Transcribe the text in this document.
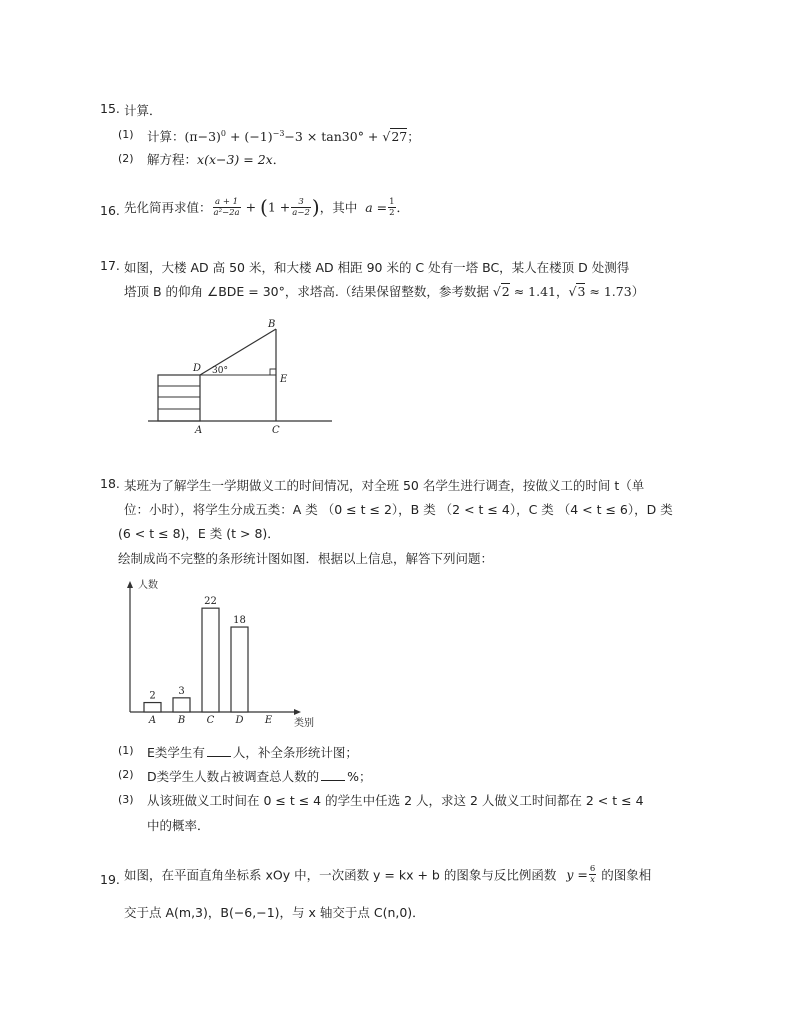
15. 计算．
(1) 计算：$(\pi-3)^0 + (-1)^{-3}-3 \times \tan 30^\circ + √27$；
(2) 解方程：x(x−3) = 2x．
16. 先化简再求值： $\frac{a + 1}{\text{a²−2a}} + (1 + \frac{3}{a-2}$ )，其中 $a = \frac{1}{2}$ ．
17. 如图，大楼 AD 高 50 米，和大楼 AD 相距 90 米的 C 处有一塔 BC，某人在楼顶 D 处测得
塔顶 B 的仰角 ∠BDE = 30°，求塔高.（结果保留整数，参考数据 √2 ≈ 1.41，√3 ≈ 1.73）
B
D 30°
E
A	C
18. 某班为了解学生一学期做义工的时间情况，对全班 50 名学生进行调查，按做义工的时间 t（单
位：小时），将学生分成五类：A 类 （0 ≤ t ≤ 2），B 类 （2 < t ≤ 4），C 类 （4 < t ≤ 6），D 类
(6 < t ≤ 8)，E 类 (t > 8)．
绘制成尚不完整的条形统计图如图．根据以上信息，解答下列问题：
人数
类别
2
A
3
B
22
C
18
D E
(1) E类学生有 人，补全条形统计图；
(2) D类学生人数占被调查总人数的 %；
(3) 从该班做义工时间在 0 ≤ t ≤ 4 的学生中任选 2 人，求这 2 人做义工时间都在 2 < t ≤ 4
中的概率．
19. 如图，在平面直角坐标系 xOy 中，一次函数 y = kx + b 的图象与反比例函数 $y = \frac{6}{x}$ 的图象相
交于点 A(m,3)，B(−6,−1)，与 x 轴交于点 C(n,0)．
